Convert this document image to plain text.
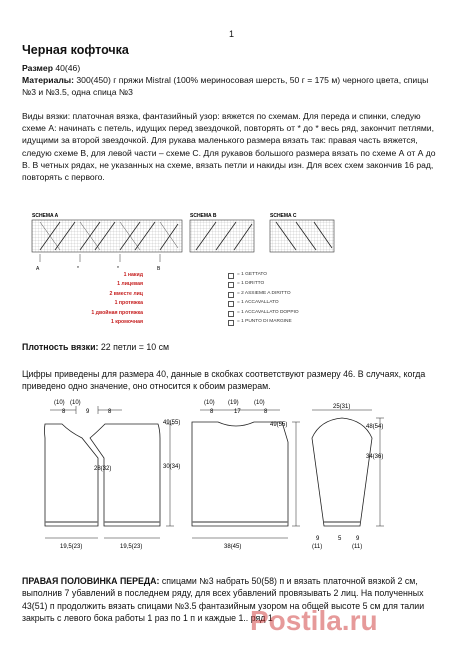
1
Черная кофточка
Размер 40(46)
Материалы: 300(450) г пряжи Mistral (100% мериносовая шерсть, 50 г = 175 м) черного цвета, спицы №3 и №3.5, одна спица №3
Виды вязки: платочная вязка, фантазийный узор: вяжется по схемам. Для переда и спинки, следую схеме А: начинать с петель, идущих перед звездочкой, повторять от * до * весь ряд, закончит петлями, идущими за второй звездочкой. Для рукава маленького размера вязать так: правая часть вяжется, следую схеме В, для левой части – схеме С. Для рукавов большого размера вязать по схеме А от А до В. В четных рядах, не указанных на схеме, вязать петли и накиды изн. Для всех схем закончив 16 рад, повторять с первого.
SCHEMA A
A	*	*	B
SCHEMA B	SCHEMA C
1 накид	= 1 GETTATO
1 лицевая	= 1 DIRITTO
2 вместе лиц	= 2 ASSIEME A DIRITTO
1 протяжка	= 1 ACCAVALLATO
1 двойная протяжка	= 1 ACCAVALLATO DOPPIO
1 кромочная	= 1 PUNTO DI MARGINE
Плотность вязки: 22 петли = 10 см
Цифры приведены для размера 40, данные в скобках соответствуют размеру 46. В случаях, когда приведено одно значение, оно относится к обоим размерам.
(10) (10)
8	9	8
49(55)
30(34)
28(32)
19,5(23)	19,5(23)
(10) (19)	(10)
8	17	8
49(55)
38(45)
25(31)
48(54)
34(36)
9
(11)
5 9
(11)
ПРАВАЯ ПОЛОВИНКА ПЕРЕДА: спицами №3 набрать 50(58) п и вязать платочной вязкой 2 см, выполнив 7 убавлений в последнем ряду, для всех убавлений провязывать 2 лиц. На полученных 43(51) п продолжить вязать спицами №3.5 фантазийным узором на общей высоте 5 см для талии закрыть с левого бока работы 1 раз по 1 п и каждые 1.. ряд 1
Postila.ru
